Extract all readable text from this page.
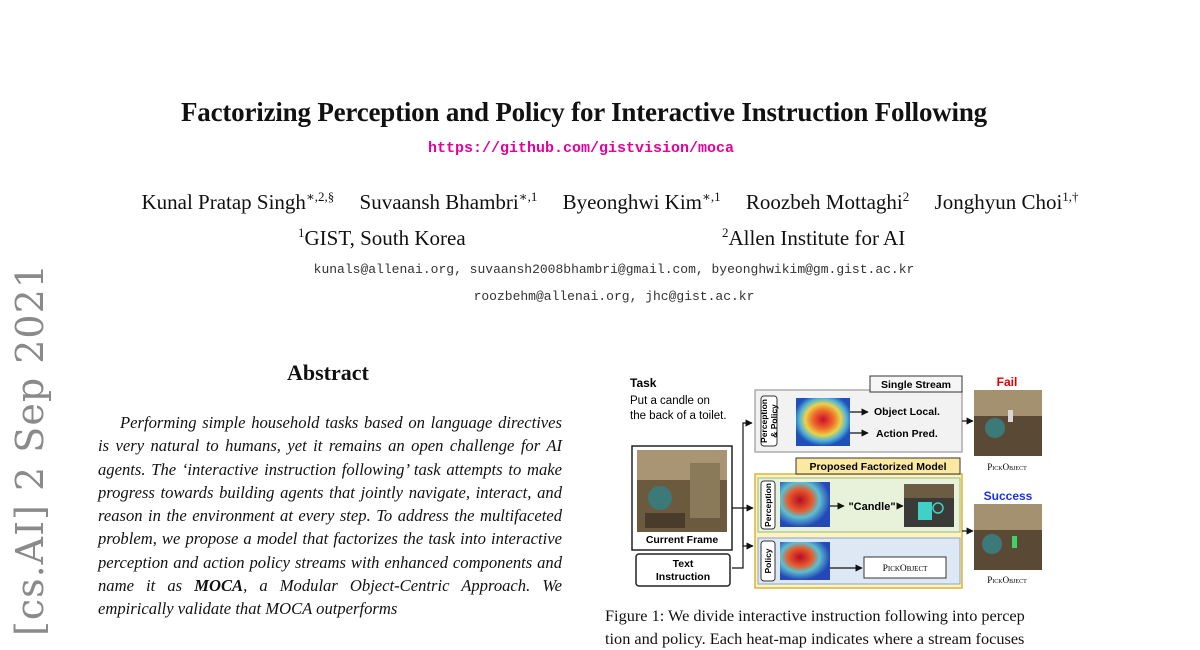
Factorizing Perception and Policy for Interactive Instruction Following
https://github.com/gistvision/moca
Kunal Pratap Singh$^{∗,2,\S}$ Suvaansh Bhambri$^{∗,1}$ Byeonghwi Kim$^{∗,1}$ Roozbeh Mottaghi$^2$ Jonghyun Choi$^{1,\dagger}$
$^1$GIST, South Korea	$^2$Allen Institute for AI
kunals@allenai.org, suvaansh2008bhambri@gmail.com, byeonghwikim@gm.gist.ac.kr
roozbehm@allenai.org, jhc@gist.ac.kr
[cs.AI] 2 Sep 2021	Abstract

Performing simple household tasks based on language directives is very natural to humans, yet it remains an open challenge for AI agents. The ‘interactive instruction following’ task attempts to make progress towards building agents that jointly navigate, interact, and reason in the environment at every step. To address the multifaceted problem, we propose a model that factorizes the task into interactive perception and action policy streams with enhanced components and name it as MOCA, a Modular Object-Centric Approach. We empirically validate that MOCA outperforms

Task
Put a candle on
the back of a toilet.
Current Frame
Text
Instruction
Single Stream
Perception& Policy	Object Local.
Action Pred.
Proposed Factorized Model
Perception	"Candle"
Policy	PickObject
Fail
PickObject
Success
PickObject
Figure 1: We divide interactive instruction following into percep
tion and policy. Each heat-map indicates where a stream focuses
